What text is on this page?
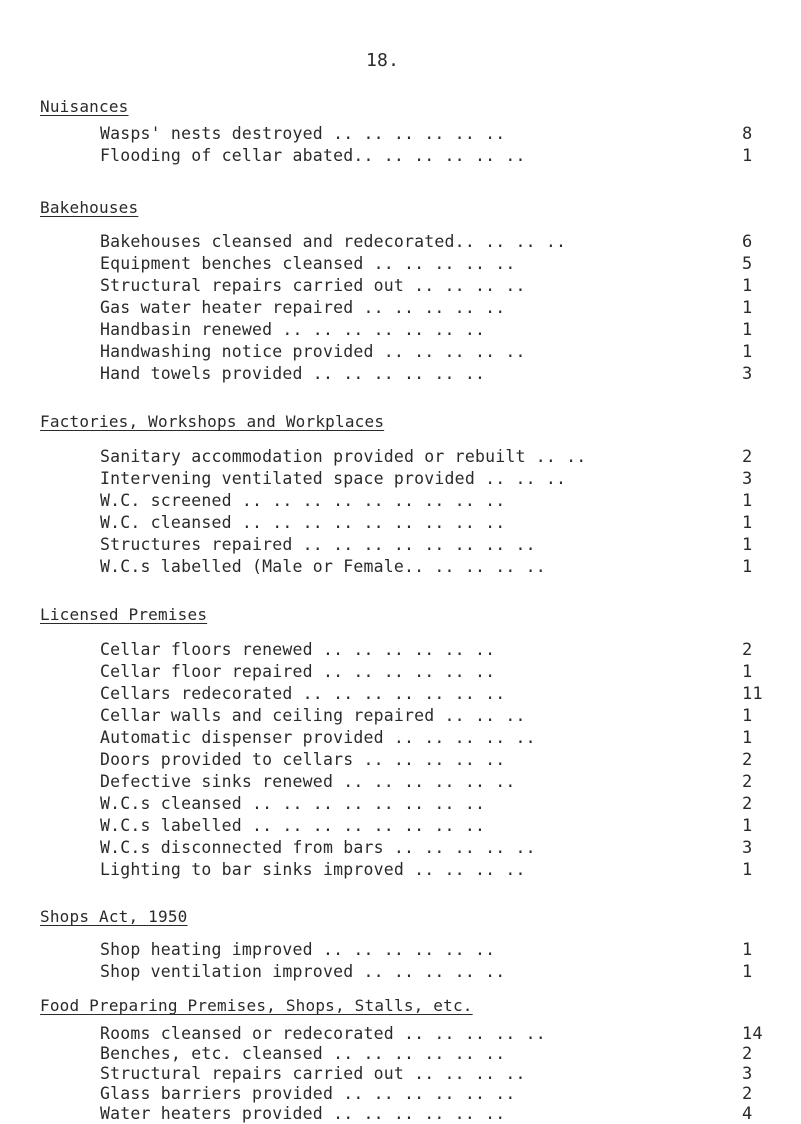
18.
Nuisances
Wasps' nests destroyed .. .. .. .. .. ..	8
Flooding of cellar abated.. .. .. .. .. ..	1
Bakehouses
Bakehouses cleansed and redecorated.. .. .. ..	6
Equipment benches cleansed .. .. .. .. ..	5
Structural repairs carried out .. .. .. ..	1
Gas water heater repaired .. .. .. .. ..	1
Handbasin renewed .. .. .. .. .. .. ..	1
Handwashing notice provided .. .. .. .. ..	1
Hand towels provided .. .. .. .. .. ..	3
Factories, Workshops and Workplaces
Sanitary accommodation provided or rebuilt .. ..	2
Intervening ventilated space provided .. .. ..	3
W.C. screened .. .. .. .. .. .. .. .. ..	1
W.C. cleansed .. .. .. .. .. .. .. .. ..	1
Structures repaired .. .. .. .. .. .. .. ..	1
W.C.s labelled (Male or Female.. .. .. .. ..	1
Licensed Premises
Cellar floors renewed .. .. .. .. .. ..	2
Cellar floor repaired .. .. .. .. .. ..	1
Cellars redecorated .. .. .. .. .. .. ..	11
Cellar walls and ceiling repaired .. .. ..	1
Automatic dispenser provided .. .. .. .. ..	1
Doors provided to cellars .. .. .. .. ..	2
Defective sinks renewed .. .. .. .. .. ..	2
W.C.s cleansed .. .. .. .. .. .. .. ..	2
W.C.s labelled .. .. .. .. .. .. .. ..	1
W.C.s disconnected from bars .. .. .. .. ..	3
Lighting to bar sinks improved .. .. .. ..	1
Shops Act, 1950
Shop heating improved .. .. .. .. .. ..	1
Shop ventilation improved .. .. .. .. ..	1
Food Preparing Premises, Shops, Stalls, etc.
Rooms cleansed or redecorated .. .. .. .. ..	14
Benches, etc. cleansed .. .. .. .. .. ..	2
Structural repairs carried out .. .. .. ..	3
Glass barriers provided .. .. .. .. .. ..	2
Water heaters provided .. .. .. .. .. ..	4
